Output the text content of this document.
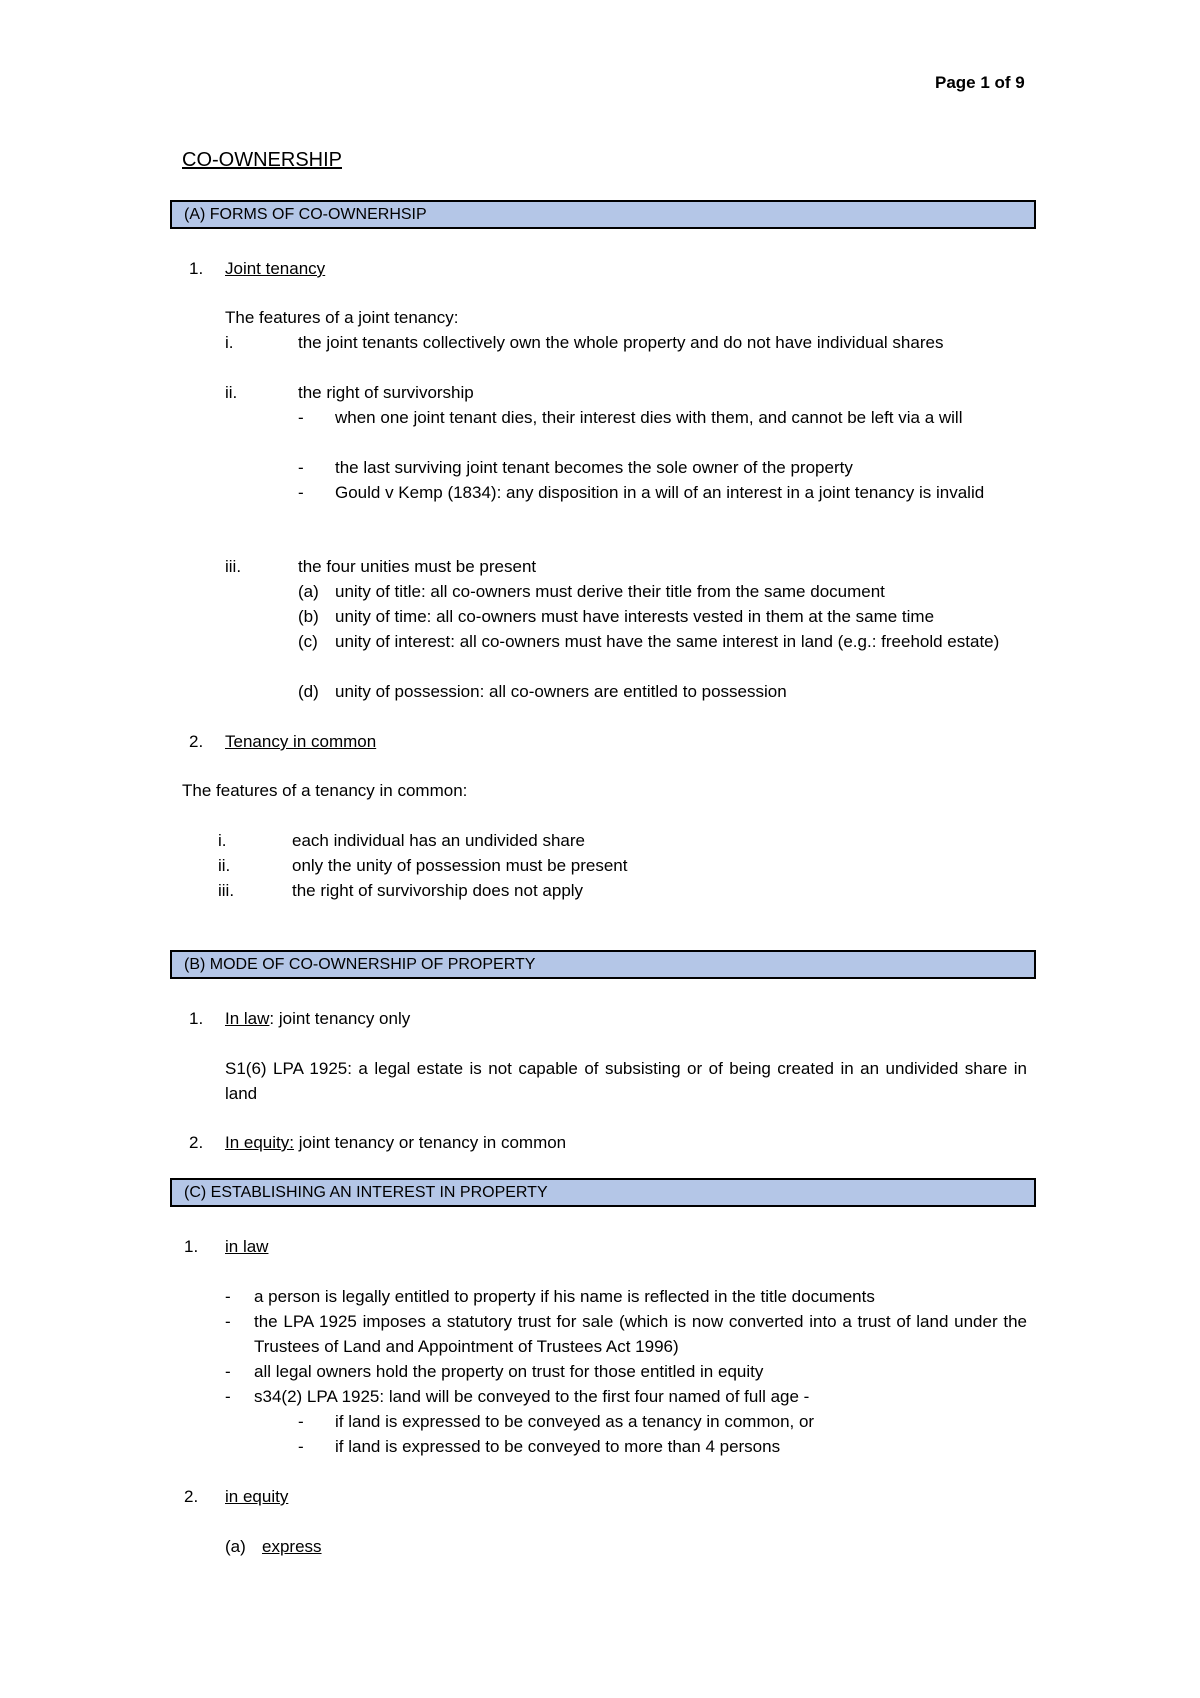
Page 1 of 9
CO-OWNERSHIP
(A) FORMS OF CO-OWNERHSIP
1. Joint tenancy
The features of a joint tenancy:
i.	the joint tenants collectively own the whole property and do not have individual shares
ii.	the right of survivorship
- when one joint tenant dies, their interest dies with them, and cannot be left via a will
- the last surviving joint tenant becomes the sole owner of the property
- Gould v Kemp (1834): any disposition in a will of an interest in a joint tenancy is invalid
iii.	the four unities must be present
(a) unity of title: all co-owners must derive their title from the same document
(b) unity of time: all co-owners must have interests vested in them at the same time
(c) unity of interest: all co-owners must have the same interest in land (e.g.: freehold estate)
(d) unity of possession: all co-owners are entitled to possession
2. Tenancy in common
The features of a tenancy in common:
i.	each individual has an undivided share
ii.	only the unity of possession must be present
iii.	the right of survivorship does not apply
(B) MODE OF CO-OWNERSHIP OF PROPERTY
1. In law: joint tenancy only
S1(6) LPA 1925: a legal estate is not capable of subsisting or of being created in an undivided share in land
2. In equity: joint tenancy or tenancy in common
(C) ESTABLISHING AN INTEREST IN PROPERTY
1. in law
- a person is legally entitled to property if his name is reflected in the title documents
- the LPA 1925 imposes a statutory trust for sale (which is now converted into a trust of land under the Trustees of Land and Appointment of Trustees Act 1996)
- all legal owners hold the property on trust for those entitled in equity
- s34(2) LPA 1925: land will be conveyed to the first four named of full age -
- if land is expressed to be conveyed as a tenancy in common, or
- if land is expressed to be conveyed to more than 4 persons
2. in equity
(a) express
